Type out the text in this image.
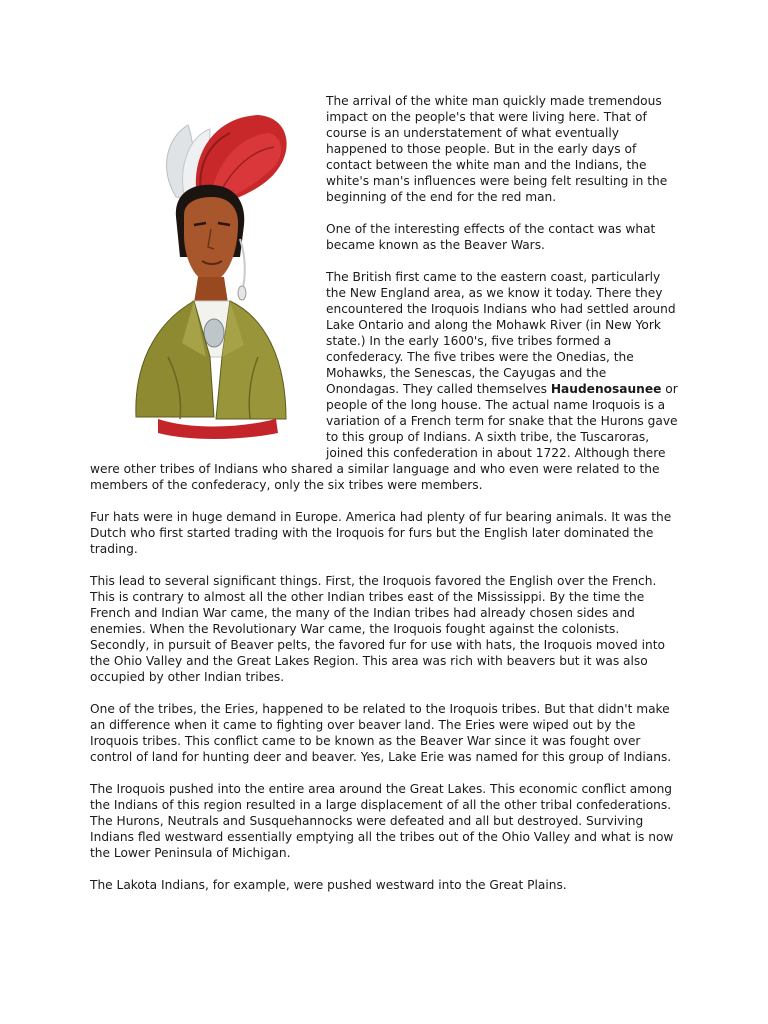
The arrival of the white man quickly made tremendous impact on the people's that were living here. That of course is an understatement of what eventually happened to those people. But in the early days of contact between the white man and the Indians, the white's man's influences were being felt resulting in the beginning of the end for the red man.

One of the interesting effects of the contact was what became known as the Beaver Wars.

The British first came to the eastern coast, particularly the New England area, as we know it today. There they encountered the Iroquois Indians who had settled around Lake Ontario and along the Mohawk River (in New York state.) In the early 1600's, five tribes formed a confederacy. The five tribes were the Onedias, the Mohawks, the Senescas, the Cayugas and the Onondagas. They called themselves Haudenosaunee or people of the long house. The actual name Iroquois is a variation of a French term for snake that the Hurons gave to this group of Indians. A sixth tribe, the Tuscaroras, joined this confederation in about 1722. Although there were other tribes of Indians who shared a similar language and who even were related to the members of the confederacy, only the six tribes were members.

Fur hats were in huge demand in Europe. America had plenty of fur bearing animals. It was the Dutch who first started trading with the Iroquois for furs but the English later dominated the trading.

This lead to several significant things. First, the Iroquois favored the English over the French. This is contrary to almost all the other Indian tribes east of the Mississippi. By the time the French and Indian War came, the many of the Indian tribes had already chosen sides and enemies. When the Revolutionary War came, the Iroquois fought against the colonists. Secondly, in pursuit of Beaver pelts, the favored fur for use with hats, the Iroquois moved into the Ohio Valley and the Great Lakes Region. This area was rich with beavers but it was also occupied by other Indian tribes.

One of the tribes, the Eries, happened to be related to the Iroquois tribes. But that didn't make an difference when it came to fighting over beaver land. The Eries were wiped out by the Iroquois tribes. This conflict came to be known as the Beaver War since it was fought over control of land for hunting deer and beaver. Yes, Lake Erie was named for this group of Indians.

The Iroquois pushed into the entire area around the Great Lakes. This economic conflict among the Indians of this region resulted in a large displacement of all the other tribal confederations. The Hurons, Neutrals and Susquehannocks were defeated and all but destroyed. Surviving Indians fled westward essentially emptying all the tribes out of the Ohio Valley and what is now the Lower Peninsula of Michigan.

The Lakota Indians, for example, were pushed westward into the Great Plains.
